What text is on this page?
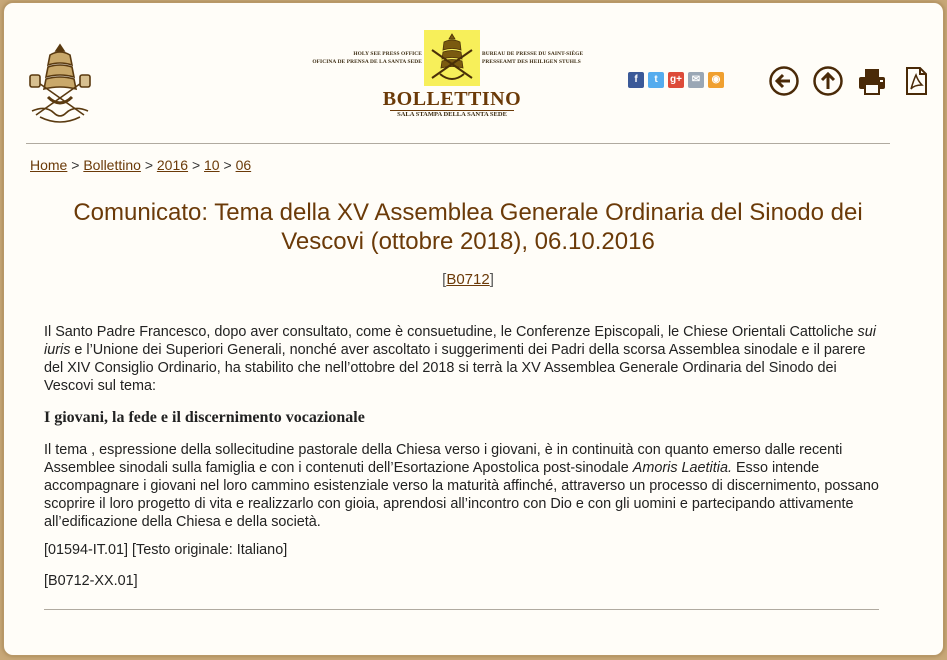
HOLY SEE PRESS OFFICE
OFICINA DE PRENSA DE LA SANTA SEDE
BUREAU DE PRESSE DU SAINT-SIÈGE
PRESSEAMT DES HEILIGEN STUHLS
BOLLETTINO
SALA STAMPA DELLA SANTA SEDE
f	t	g+ ✉	◉
Home > Bollettino > 2016 > 10 > 06
Comunicato: Tema della XV Assemblea Generale Ordinaria del Sinodo dei Vescovi (ottobre 2018), 06.10.2016
[B0712]

Il Santo Padre Francesco, dopo aver consultato, come è consuetudine, le Conferenze Episcopali, le Chiese Orientali Cattoliche sui iuris e l’Unione dei Superiori Generali, nonché aver ascoltato i suggerimenti dei Padri della scorsa Assemblea sinodale e il parere del XIV Consiglio Ordinario, ha stabilito che nell’ottobre del 2018 si terrà la XV Assemblea Generale Ordinaria del Sinodo dei Vescovi sul tema:

I giovani, la fede e il discernimento vocazionale

Il tema , espressione della sollecitudine pastorale della Chiesa verso i giovani, è in continuità con quanto emerso dalle recenti Assemblee sinodali sulla famiglia e con i contenuti dell’Esortazione Apostolica post-sinodale Amoris Laetitia. Esso intende accompagnare i giovani nel loro cammino esistenziale verso la maturità affinché, attraverso un processo di discernimento, possano scoprire il loro progetto di vita e realizzarlo con gioia, aprendosi all’incontro con Dio e con gli uomini e partecipando attivamente all’edificazione della Chiesa e della società.

[01594-IT.01] [Testo originale: Italiano]

[B0712-XX.01]
